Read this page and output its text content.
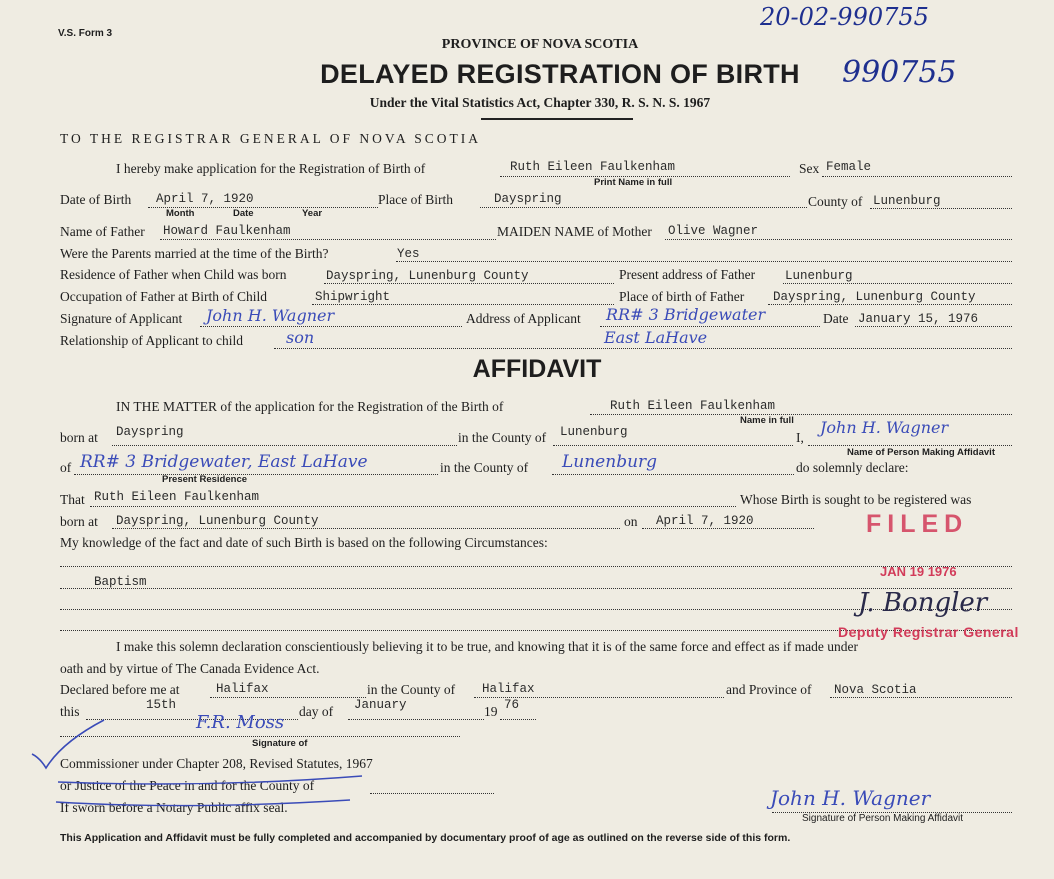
V.S. Form 3
20-02-990755
990755
PROVINCE OF NOVA SCOTIA
DELAYED REGISTRATION OF BIRTH
Under the Vital Statistics Act, Chapter 330, R. S. N. S. 1967
TO THE REGISTRAR GENERAL OF NOVA SCOTIA
I hereby make application for the Registration of Birth of	Ruth Eileen Faulkenham
Print Name in full
Sex Female
Date of Birth April 7, 1920
Month	Date	Year
Place of Birth	Dayspring	County of Lunenburg
Name of Father Howard Faulkenham	MAIDEN NAME of Mother Olive Wagner
Were the Parents married at the time of the Birth?	Yes
Residence of Father when Child was born	Dayspring, Lunenburg County	Present address of Father Lunenburg
Occupation of Father at Birth of Child	Shipwright	Place of birth of Father Dayspring, Lunenburg County
Signature of Applicant John H. Wagner	Address of Applicant RR# 3 Bridgewater	Date January 15, 1976
Relationship of Applicant to child	son	East LaHave
AFFIDAVIT
IN THE MATTER of the application for the Registration of the Birth of	Ruth Eileen Faulkenham
Name in full
born at Dayspring	in the County of Lunenburg	I,
John H. Wagner
Name of Person Making Affidavit
of RR# 3 Bridgewater, East LaHave
Present Residence
in the County of Lunenburg	do solemnly declare:
That Ruth Eileen Faulkenham	Whose Birth is sought to be registered was
born at Dayspring, Lunenburg County	on April 7, 1920
My knowledge of the fact and date of such Birth is based on the following Circumstances:
Baptism
FILED
JAN 19 1976
J. Bongler
Deputy Registrar General
I make this solemn declaration conscientiously believing it to be true, and knowing that it is of the same force and effect as if made under
oath and by virtue of The Canada Evidence Act.
Declared before me at	Halifax	in the County of Halifax	and Province of Nova Scotia
this	15th	day of January	19 76
F.R. Moss
Signature of
Commissioner under Chapter 208, Revised Statutes, 1967
or Justice of the Peace in and for the County of
If sworn before a Notary Public affix seal.	John H. Wagner
Signature of Person Making Affidavit
This Application and Affidavit must be fully completed and accompanied by documentary proof of age as outlined on the reverse side of this form.
